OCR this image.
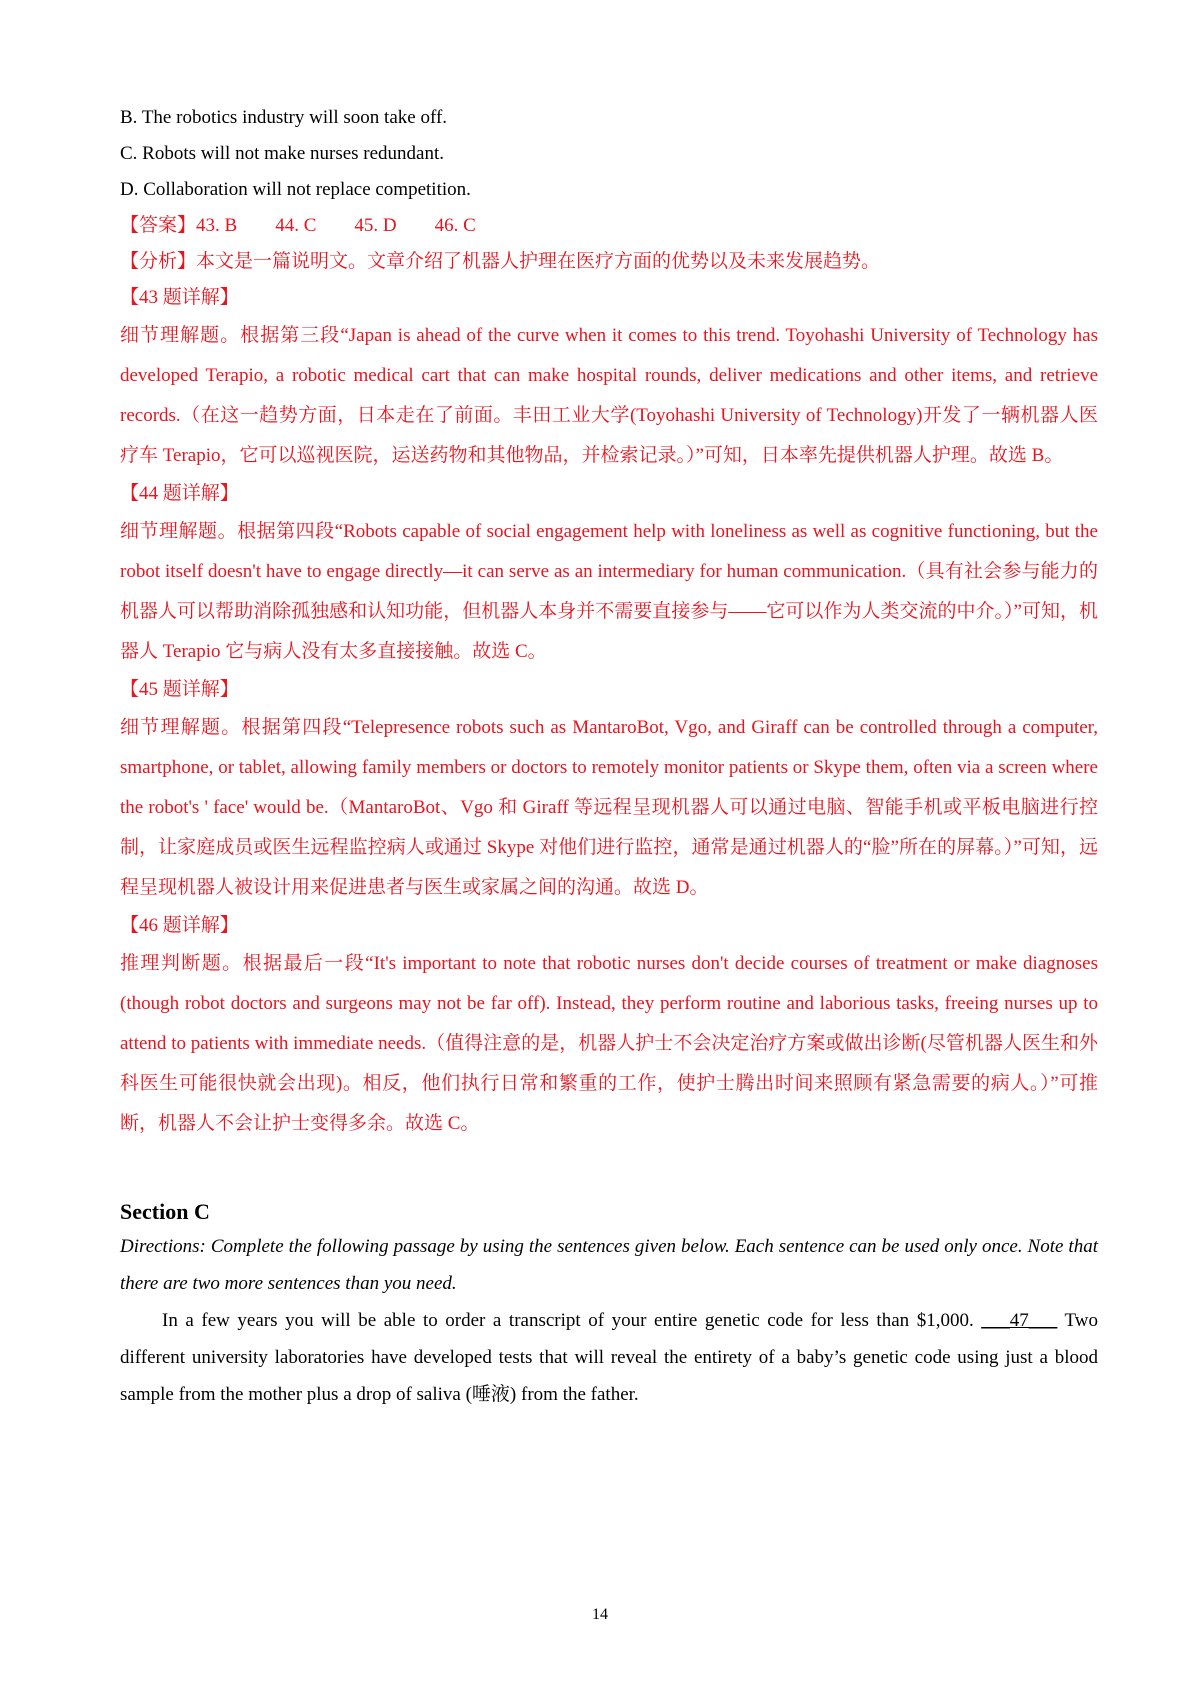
B. The robotics industry will soon take off.

C. Robots will not make nurses redundant.

D. Collaboration will not replace competition.

【答案】43. B 44. C 45. D 46. C

【分析】本文是一篇说明文。文章介绍了机器人护理在医疗方面的优势以及未来发展趋势。

【43 题详解】

细节理解题。根据第三段“Japan is ahead of the curve when it comes to this trend. Toyohashi University of Technology has developed Terapio, a robotic medical cart that can make hospital rounds, deliver medications and other items, and retrieve records.（在这一趋势方面，日本走在了前面。丰田工业大学(Toyohashi University of Technology)开发了一辆机器人医疗车 Terapio，它可以巡视医院，运送药物和其他物品，并检索记录。）”可知，日本率先提供机器人护理。故选 B。

【44 题详解】

细节理解题。根据第四段“Robots capable of social engagement help with loneliness as well as cognitive functioning, but the robot itself doesn't have to engage directly—it can serve as an intermediary for human communication.（具有社会参与能力的机器人可以帮助消除孤独感和认知功能，但机器人本身并不需要直接参与——它可以作为人类交流的中介。）”可知，机器人 Terapio 它与病人没有太多直接接触。故选 C。

【45 题详解】

细节理解题。根据第四段“Telepresence robots such as MantaroBot, Vgo, and Giraff can be controlled through a computer, smartphone, or tablet, allowing family members or doctors to remotely monitor patients or Skype them, often via a screen where the robot's ' face' would be.（MantaroBot、Vgo 和 Giraff 等远程呈现机器人可以通过电脑、智能手机或平板电脑进行控制，让家庭成员或医生远程监控病人或通过 Skype 对他们进行监控，通常是通过机器人的“脸”所在的屏幕。）”可知，远程呈现机器人被设计用来促进患者与医生或家属之间的沟通。故选 D。

【46 题详解】

推理判断题。根据最后一段“It's important to note that robotic nurses don't decide courses of treatment or make diagnoses (though robot doctors and surgeons may not be far off). Instead, they perform routine and laborious tasks, freeing nurses up to attend to patients with immediate needs.（值得注意的是，机器人护士不会决定治疗方案或做出诊断(尽管机器人医生和外科医生可能很快就会出现)。相反，他们执行日常和繁重的工作，使护士腾出时间来照顾有紧急需要的病人。）”可推断，机器人不会让护士变得多余。故选 C。

Section C

Directions: Complete the following passage by using the sentences given below. Each sentence can be used only once. Note that there are two more sentences than you need.

In a few years you will be able to order a transcript of your entire genetic code for less than $1,000. ___47___ Two different university laboratories have developed tests that will reveal the entirety of a baby’s genetic code using just a blood sample from the mother plus a drop of saliva (唾液) from the father.

14
